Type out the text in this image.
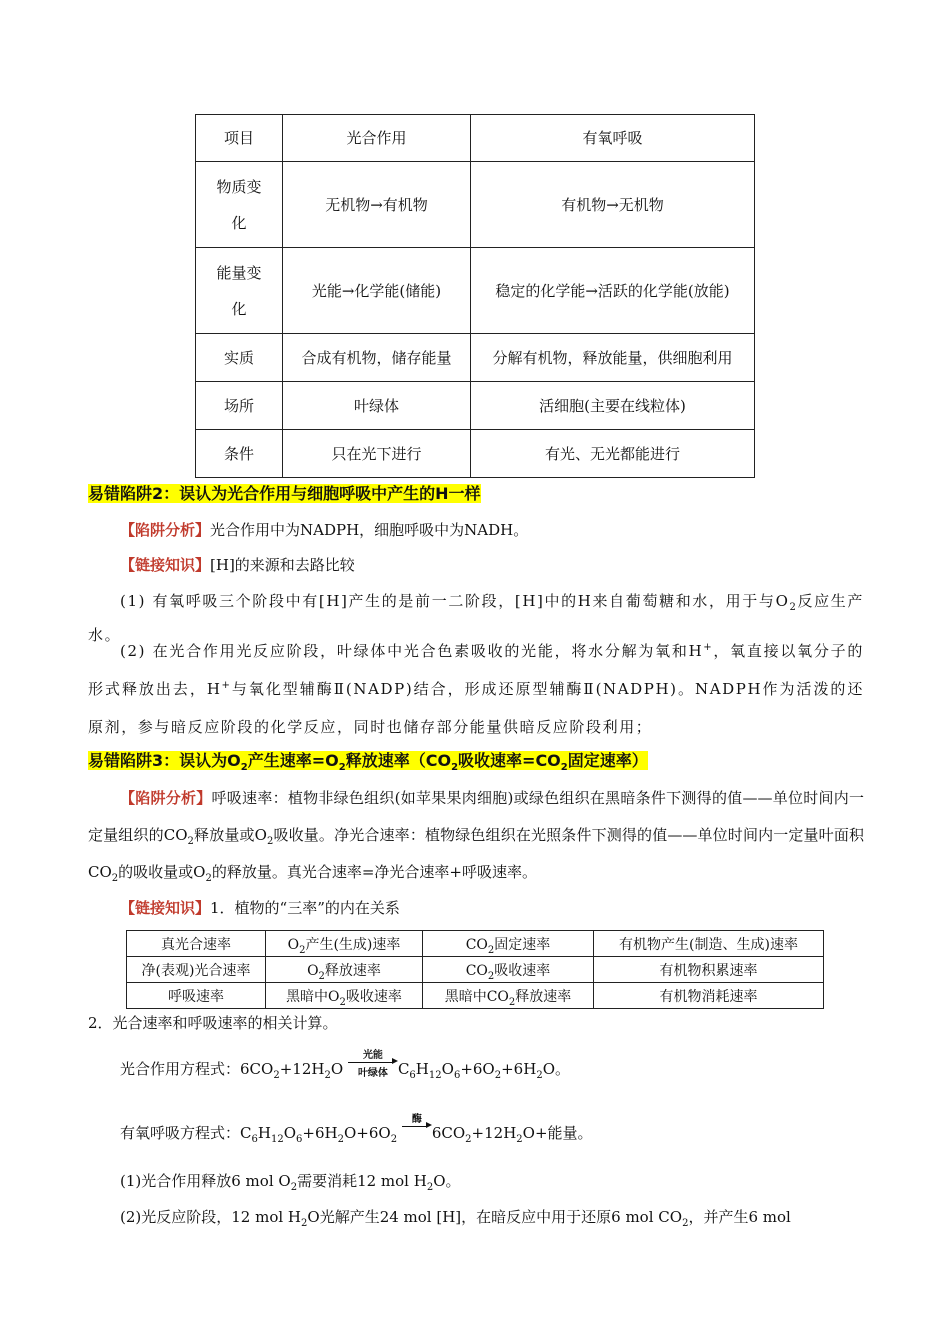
项目	光合作用	有氧呼吸
物质变化	无机物→有机物	有机物→无机物
能量变化	光能→化学能(储能)	稳定的化学能→活跃的化学能(放能)
实质	合成有机物，储存能量	分解有机物，释放能量，供细胞利用
场所	叶绿体	活细胞(主要在线粒体)
条件	只在光下进行	有光、无光都能进行
易错陷阱2：误认为光合作用与细胞呼吸中产生的H一样
【陷阱分析】光合作用中为NADPH，细胞呼吸中为NADH。
【链接知识】[H]的来源和去路比较
(1) 有氧呼吸三个阶段中有[H]产生的是前一二阶段，[H]中的H来自葡萄糖和水，用于与$O_2$反应生产水。
(2) 在光合作用光反应阶段，叶绿体中光合色素吸收的光能，将水分解为氧和H+，氧直接以氧分子的形式释放出去，H+与氧化型辅酶Ⅱ(NADP)结合，形成还原型辅酶Ⅱ(NADPH)。NADPH作为活泼的还原剂，参与暗反应阶段的化学反应，同时也储存部分能量供暗反应阶段利用；
易错陷阱3：误认为$O_2$产生速率$=O_2$释放速率（$CO_2$吸收速率$=CO_2$固定速率）
【陷阱分析】呼吸速率：植物非绿色组织(如苹果果肉细胞)或绿色组织在黑暗条件下测得的值——单位时间内一定量组织的$CO_2$释放量或$O_2$吸收量。净光合速率：植物绿色组织在光照条件下测得的值——单位时间内一定量叶面积$CO_2$的吸收量或$O_2$的释放量。真光合速率=净光合速率+呼吸速率。
【链接知识】1．植物的“三率”的内在关系
真光合速率	$O_2$产生(生成)速率	$CO_2$固定速率	有机物产生(制造、生成)速率
净(表观)光合速率	$O_2$释放速率	$CO_2$吸收速率	有机物积累速率
呼吸速率	黑暗中$O_2$吸收速率	黑暗中$CO_2$释放速率	有机物消耗速率
2．光合速率和呼吸速率的相关计算。
光合作用方程式：$6CO_2+12H_2O$
光能
叶绿体 $C_6H_{12}O_6+6O_2+6H_2O$。
有氧呼吸方程式：$C_6H_{12}O_6+6H_2O+6O_2$
酶
$6CO_2+12H_2O+$能量。
(1)光合作用释放6 mol $O_2$需要消耗12 mol $H_2O$。
(2)光反应阶段，12 mol $H_2O$光解产生24 mol [H]，在暗反应中用于还原6 mol $CO_2$，并产生6 mol
